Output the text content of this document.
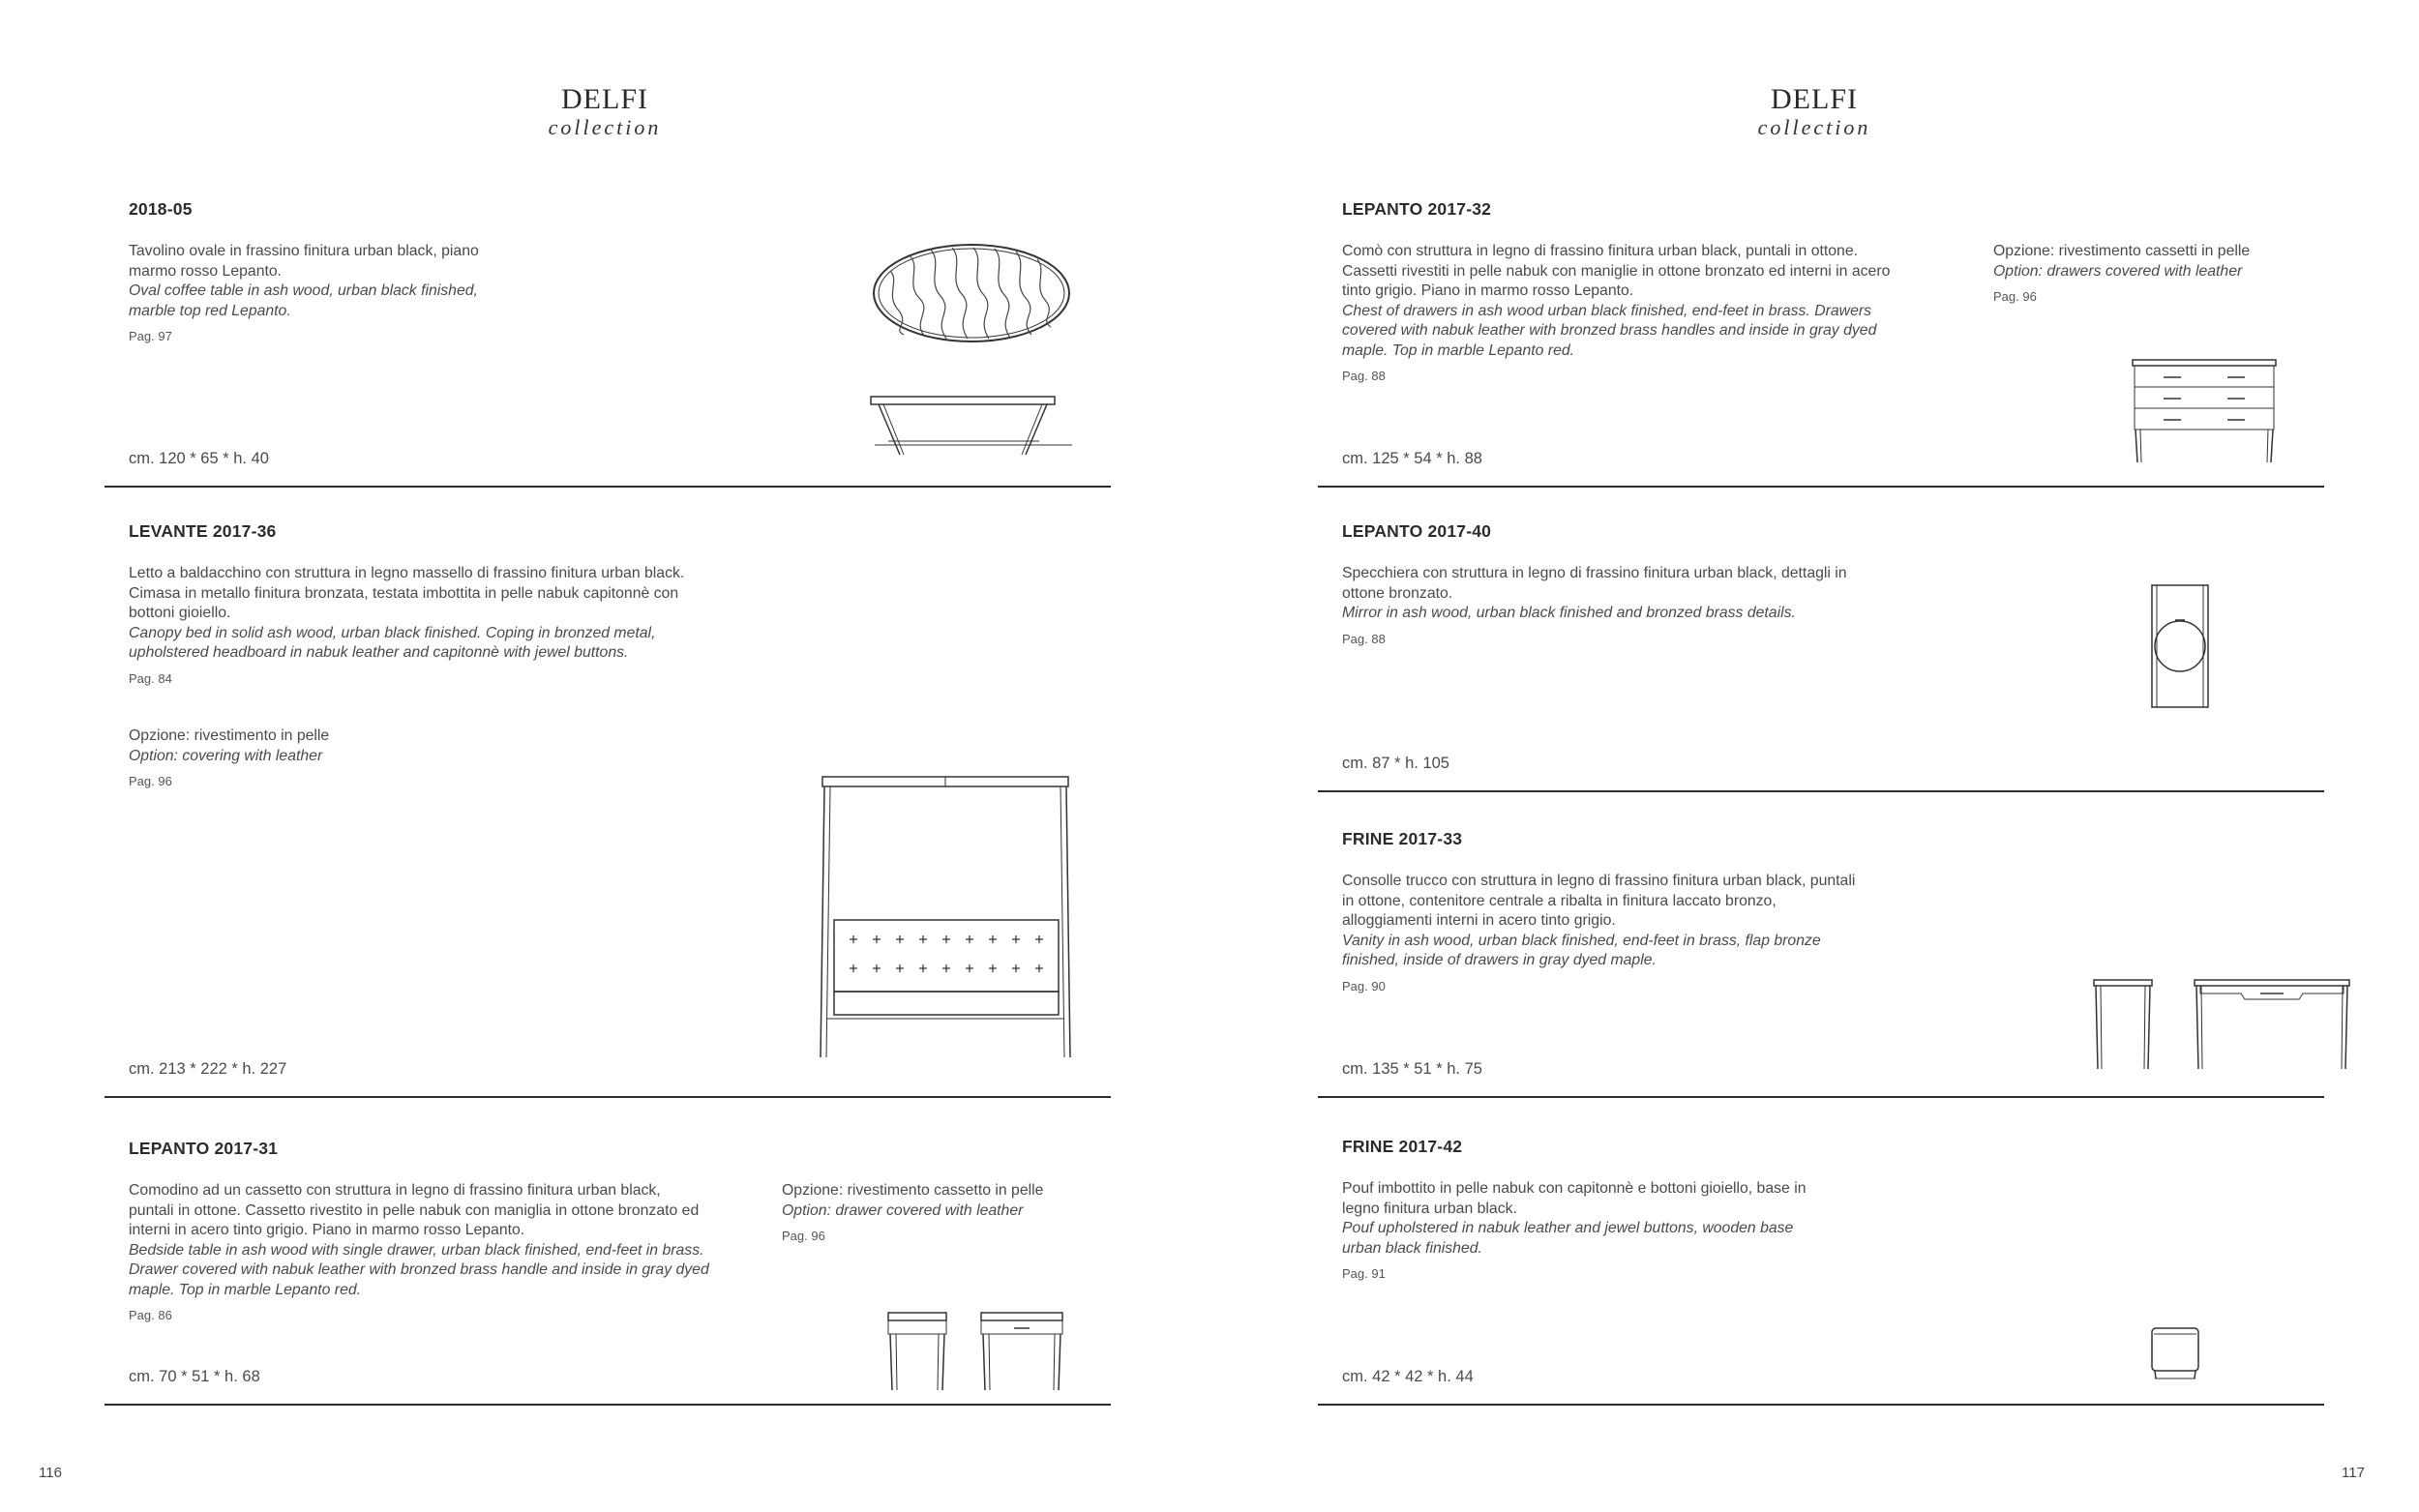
DELFI
collection
2018-05

Tavolino ovale in frassino finitura urban black, piano marmo rosso Lepanto.

Oval coffee table in ash wood, urban black finished, marble top red Lepanto.
Pag. 97
cm. 120 * 65 * h. 40
LEVANTE 2017-36

Letto a baldacchino con struttura in legno massello di frassino finitura urban black. Cimasa in metallo finitura bronzata, testata imbottita in pelle nabuk capitonnè con bottoni gioiello.

Canopy bed in solid ash wood, urban black finished. Coping in bronzed metal, upholstered headboard in nabuk leather and capitonnè with jewel buttons.
Pag. 84
Opzione: rivestimento in pelle
Option: covering with leather
Pag. 96
cm. 213 * 222 * h. 227
LEPANTO 2017-31

Comodino ad un cassetto con struttura in legno di frassino finitura urban black, puntali in ottone. Cassetto rivestito in pelle nabuk con maniglia in ottone bronzato ed interni in acero tinto grigio. Piano in marmo rosso Lepanto.

Bedside table in ash wood with single drawer, urban black finished, end-feet in brass. Drawer covered with nabuk leather with bronzed brass handle and inside in gray dyed maple. Top in marble Lepanto red.
Pag. 86
Opzione: rivestimento cassetto in pelle
Option: drawer covered with leather
Pag. 96
cm. 70 * 51 * h. 68
116
DELFI
collection
LEPANTO 2017-32

Comò con struttura in legno di frassino finitura urban black, puntali in ottone. Cassetti rivestiti in pelle nabuk con maniglie in ottone bronzato ed interni in acero tinto grigio. Piano in marmo rosso Lepanto.

Chest of drawers in ash wood urban black finished, end-feet in brass. Drawers covered with nabuk leather with bronzed brass handles and inside in gray dyed maple. Top in marble Lepanto red.
Pag. 88
Opzione: rivestimento cassetti in pelle
Option: drawers covered with leather
Pag. 96
cm. 125 * 54 * h. 88
LEPANTO 2017-40

Specchiera con struttura in legno di frassino finitura urban black, dettagli in ottone bronzato.

Mirror in ash wood, urban black finished and bronzed brass details.
Pag. 88
cm. 87 * h. 105
FRINE 2017-33

Consolle trucco con struttura in legno di frassino finitura urban black, puntali in ottone, contenitore centrale a ribalta in finitura laccato bronzo, alloggiamenti interni in acero tinto grigio.

Vanity in ash wood, urban black finished, end-feet in brass, flap bronze finished, inside of drawers in gray dyed maple.
Pag. 90
cm. 135 * 51 * h. 75
FRINE 2017-42

Pouf imbottito in pelle nabuk con capitonnè e bottoni gioiello, base in legno finitura urban black.

Pouf upholstered in nabuk leather and jewel buttons, wooden base urban black finished.
Pag. 91
cm. 42 * 42 * h. 44
117
